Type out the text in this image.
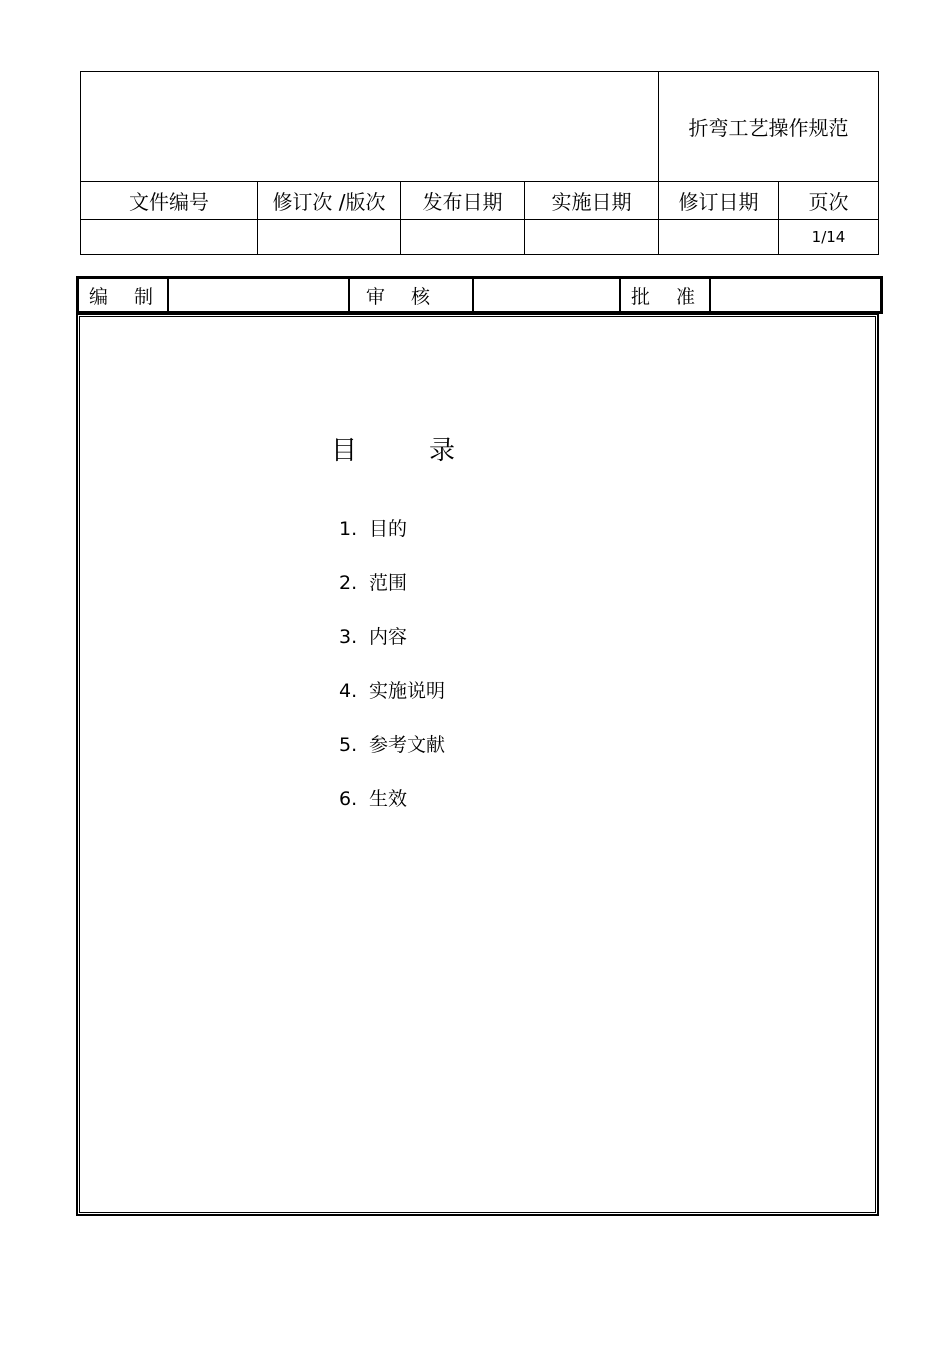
				折弯工艺操作规范	
文件编号	修订次 /版次	发布日期	实施日期	修订日期	页次
					1/14
编 制		审 核		批 准	
目	录
1. 目的
2. 范围
3. 内容
4. 实施说明
5. 参考文献
6. 生效
